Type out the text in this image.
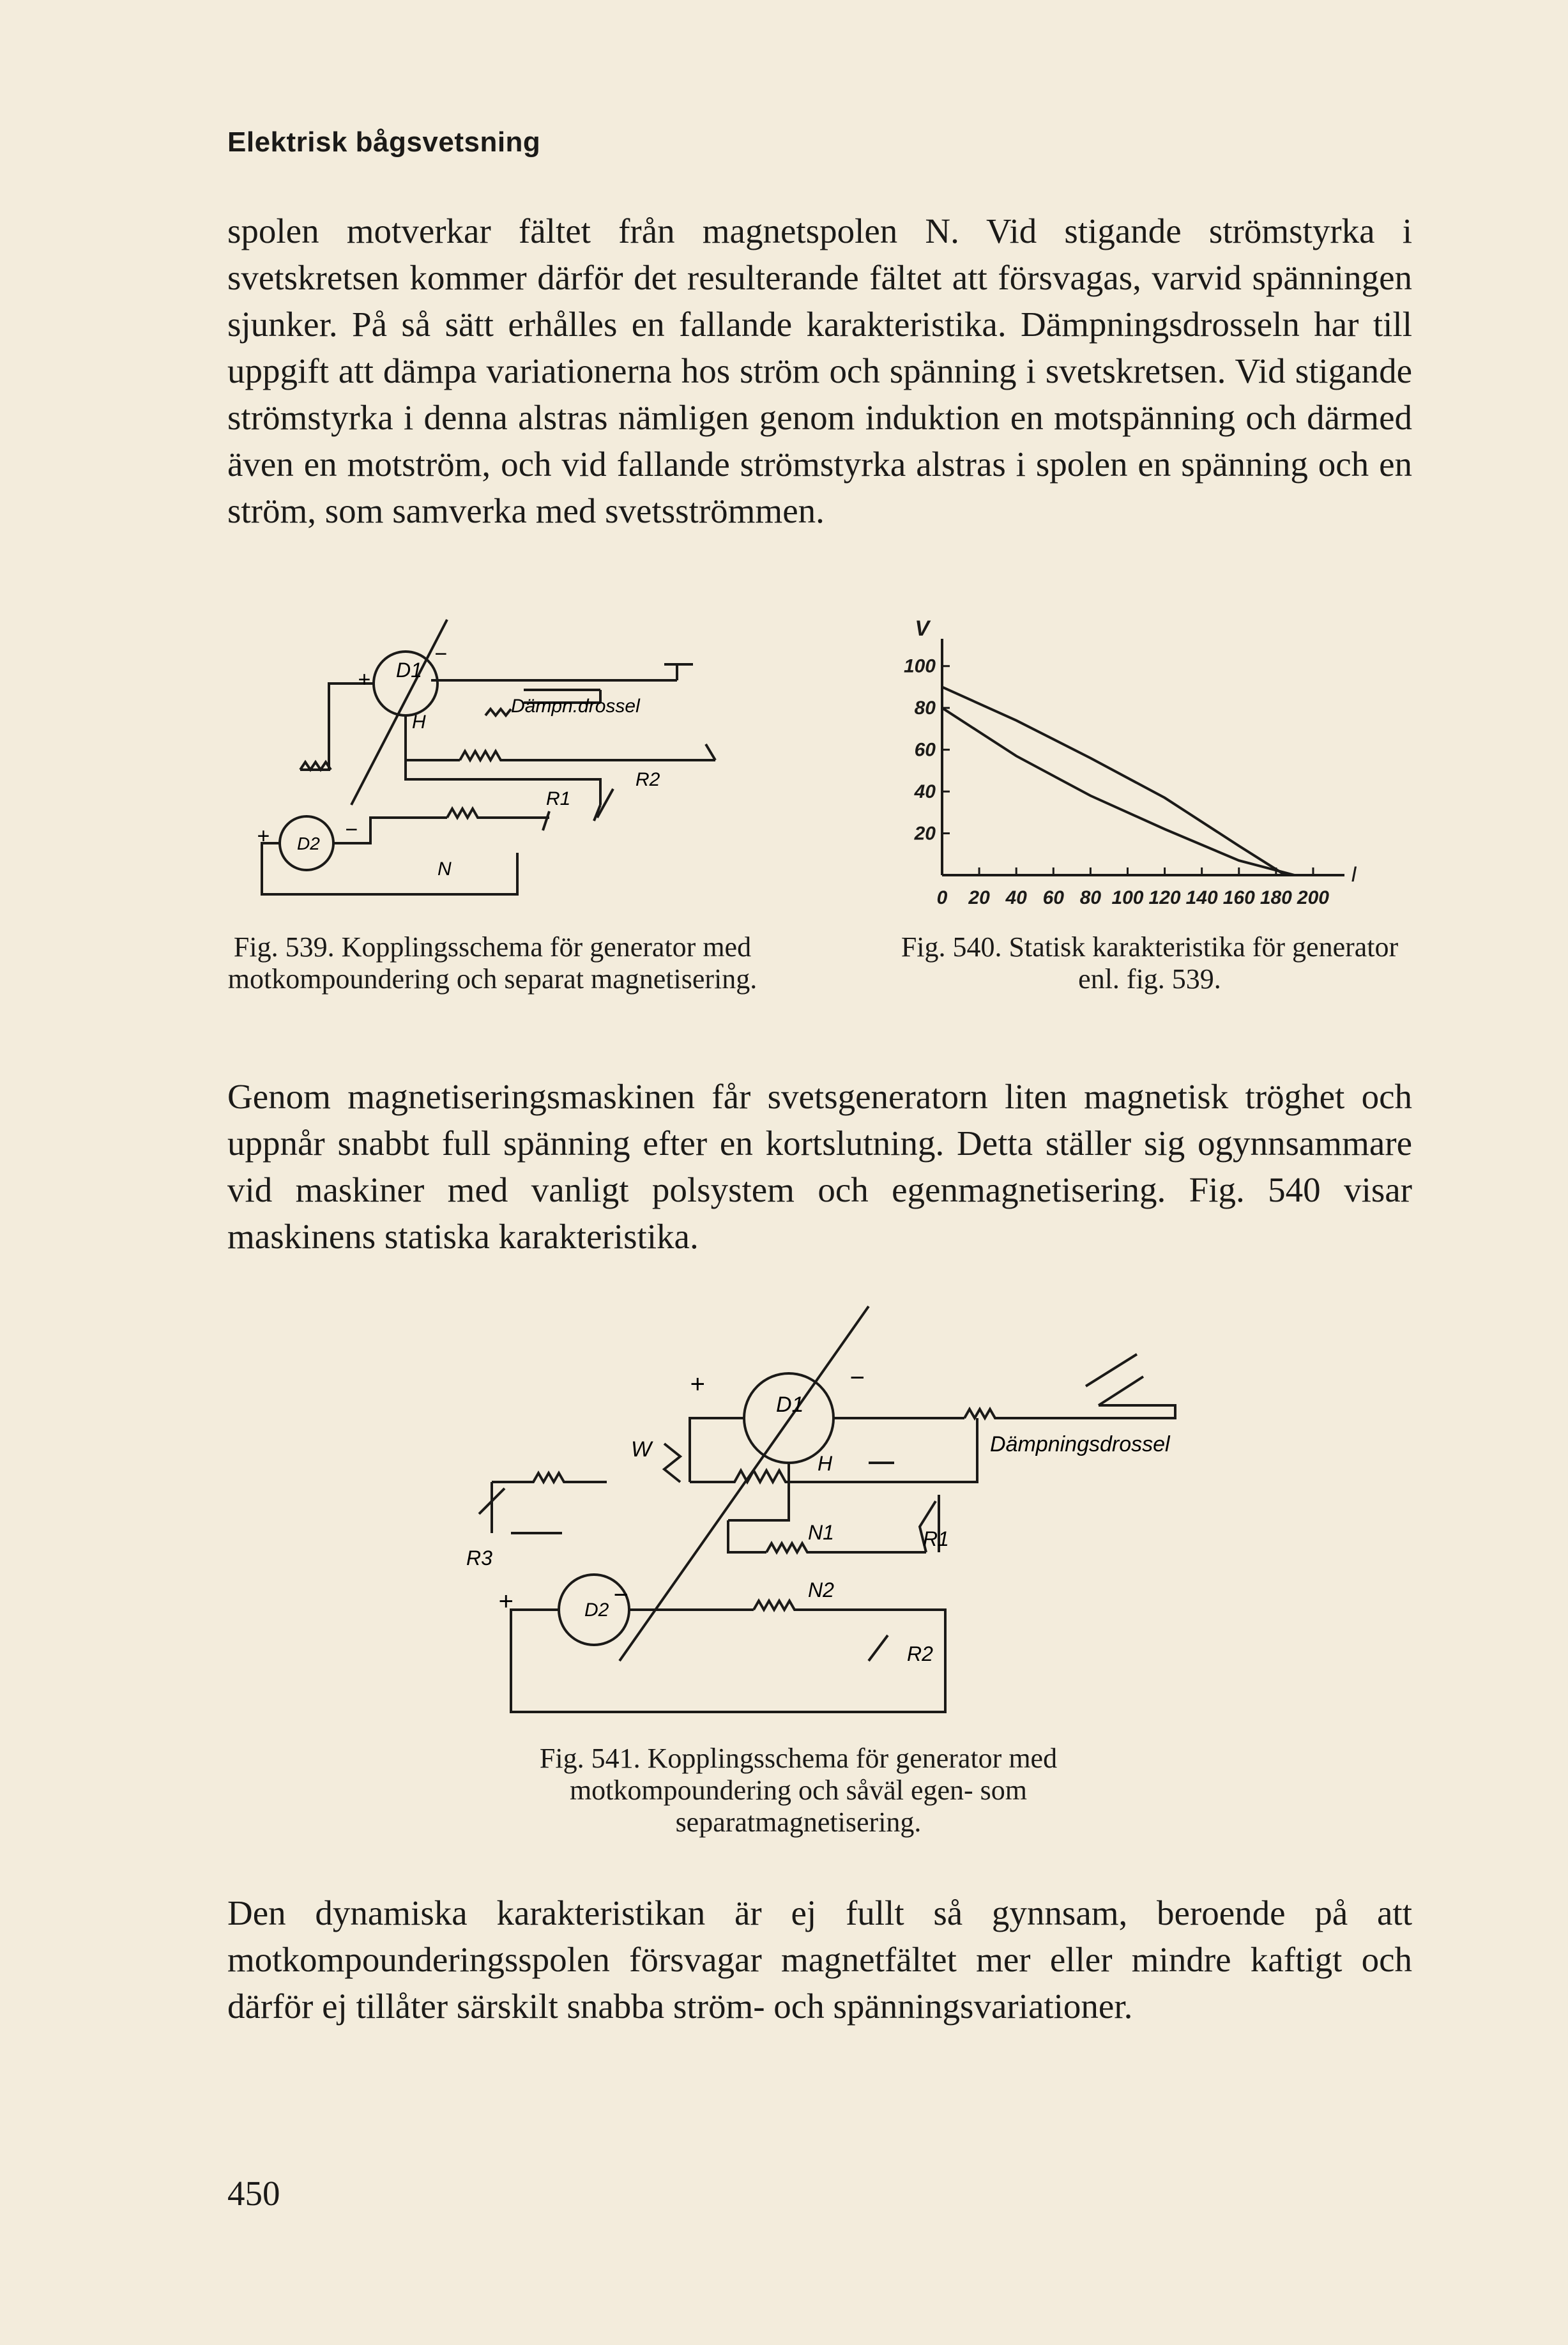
Elektrisk bågsvetsning
spolen motverkar fältet från magnetspolen N. Vid stigande strömstyrka i svetskretsen kommer därför det resulterande fältet att försvagas, varvid spänningen sjunker. På så sätt erhålles en fallande karakteristika. Dämpningsdrosseln har till uppgift att dämpa variationerna hos ström och spänning i svetskretsen. Vid stigande strömstyrka i denna alstras nämligen genom induktion en motspänning och därmed även en motström, och vid fallande strömstyrka alstras i spolen en spänning och en ström, som samverka med svetsströmmen.
D1
D2
+
−
+	−
H
N
R1
R2
Dämpn.drossel
0 20 40 60 80 100 120 140 160 180 200
20
40
60
80
100
V
I
Fig. 539. Kopplingsschema för generator med motkompoundering och separat magnetisering.
Fig. 540. Statisk karakteristika för generator enl. fig. 539.
Genom magnetiseringsmaskinen får svetsgeneratorn liten magnetisk tröghet och uppnår snabbt full spänning efter en kortslutning. Detta ställer sig ogynnsammare vid maskiner med vanligt polsystem och egenmagnetisering. Fig. 540 visar maskinens statiska karakteristika.
D1
D2
+	−
+	−
W
H
N1
N2
R1
R2
R3
Dämpningsdrossel
Fig. 541. Kopplingsschema för generator med motkompoundering och såväl egen- som separatmagnetisering.
Den dynamiska karakteristikan är ej fullt så gynnsam, beroende på att motkompounderingsspolen försvagar magnetfältet mer eller mindre kaftigt och därför ej tillåter särskilt snabba ström- och spänningsvariationer.
450
